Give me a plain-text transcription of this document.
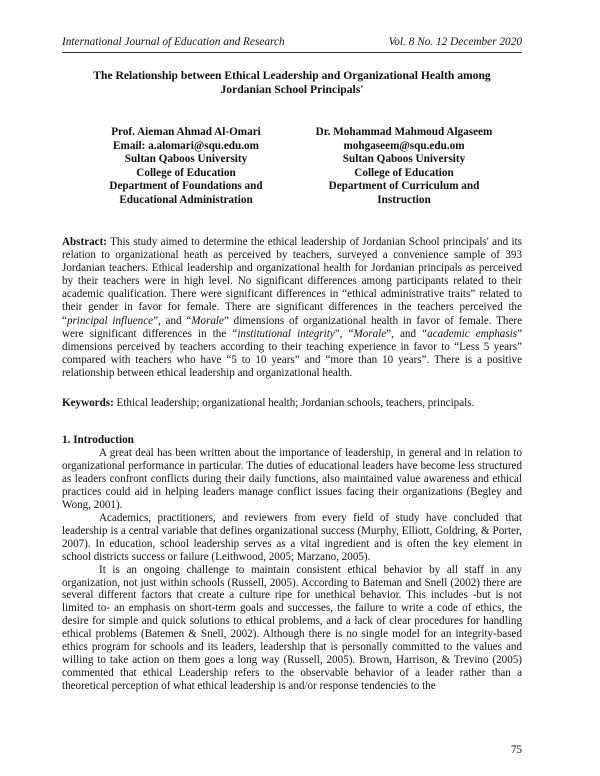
International Journal of Education and Research	Vol. 8 No. 12 December 2020
The Relationship between Ethical Leadership and Organizational Health among
Jordanian School Principals'
Prof. Aieman Ahmad Al-Omari
Email: a.alomari@squ.edu.om
Sultan Qaboos University
College of Education
Department of Foundations and
Educational Administration
Dr. Mohammad Mahmoud Algaseem
mohgaseem@squ.edu.om
Sultan Qaboos University
College of Education
Department of Curriculum and
Instruction
Abstract: This study aimed to determine the ethical leadership of Jordanian School principals' and its relation to organizational heath as perceived by teachers, surveyed a convenience sample of 393 Jordanian teachers. Ethical leadership and organizational health for Jordanian principals as perceived by their teachers were in high level. No significant differences among participants related to their academic qualification. There were significant differences in “ethical administrative traits” related to their gender in favor for female. There are significant differences in the teachers perceived the “principal influence”, and “Morale” dimensions of organizational health in favor of female. There were significant differences in the “institutional integrity”, “Morale”, and “academic emphasis” dimensions perceived by teachers according to their teaching experience in favor to “Less 5 years” compared with teachers who have “5 to 10 years” and “more than 10 years”. There is a positive relationship between ethical leadership and organizational health.
Keywords: Ethical leadership; organizational health; Jordanian schools, teachers, principals.
1. Introduction

A great deal has been written about the importance of leadership, in general and in relation to organizational performance in particular. The duties of educational leaders have become less structured as leaders confront conflicts during their daily functions, also maintained value awareness and ethical practices could aid in helping leaders manage conflict issues facing their organizations (Begley and Wong, 2001).

Academics, practitioners, and reviewers from every field of study have concluded that leadership is a central variable that defines organizational success (Murphy, Elliott, Goldring, & Porter, 2007). In education, school leadership serves as a vital ingredient and is often the key element in school districts success or failure (Leithwood, 2005; Marzano, 2005).

It is an ongoing challenge to maintain consistent ethical behavior by all staff in any organization, not just within schools (Russell, 2005). According to Bateman and Snell (2002) there are several different factors that create a culture ripe for unethical behavior. This includes -but is not limited to- an emphasis on short-term goals and successes, the failure to write a code of ethics, the desire for simple and quick solutions to ethical problems, and a lack of clear procedures for handling ethical problems (Batemen & Snell, 2002). Although there is no single model for an integrity-based ethics program for schools and its leaders, leadership that is personally committed to the values and willing to take action on them goes a long way (Russell, 2005). Brown, Harrison, & Trevino (2005) commented that ethical Leadership refers to the observable behavior of a leader rather than a theoretical perception of what ethical leadership is and/or response tendencies to the

75
